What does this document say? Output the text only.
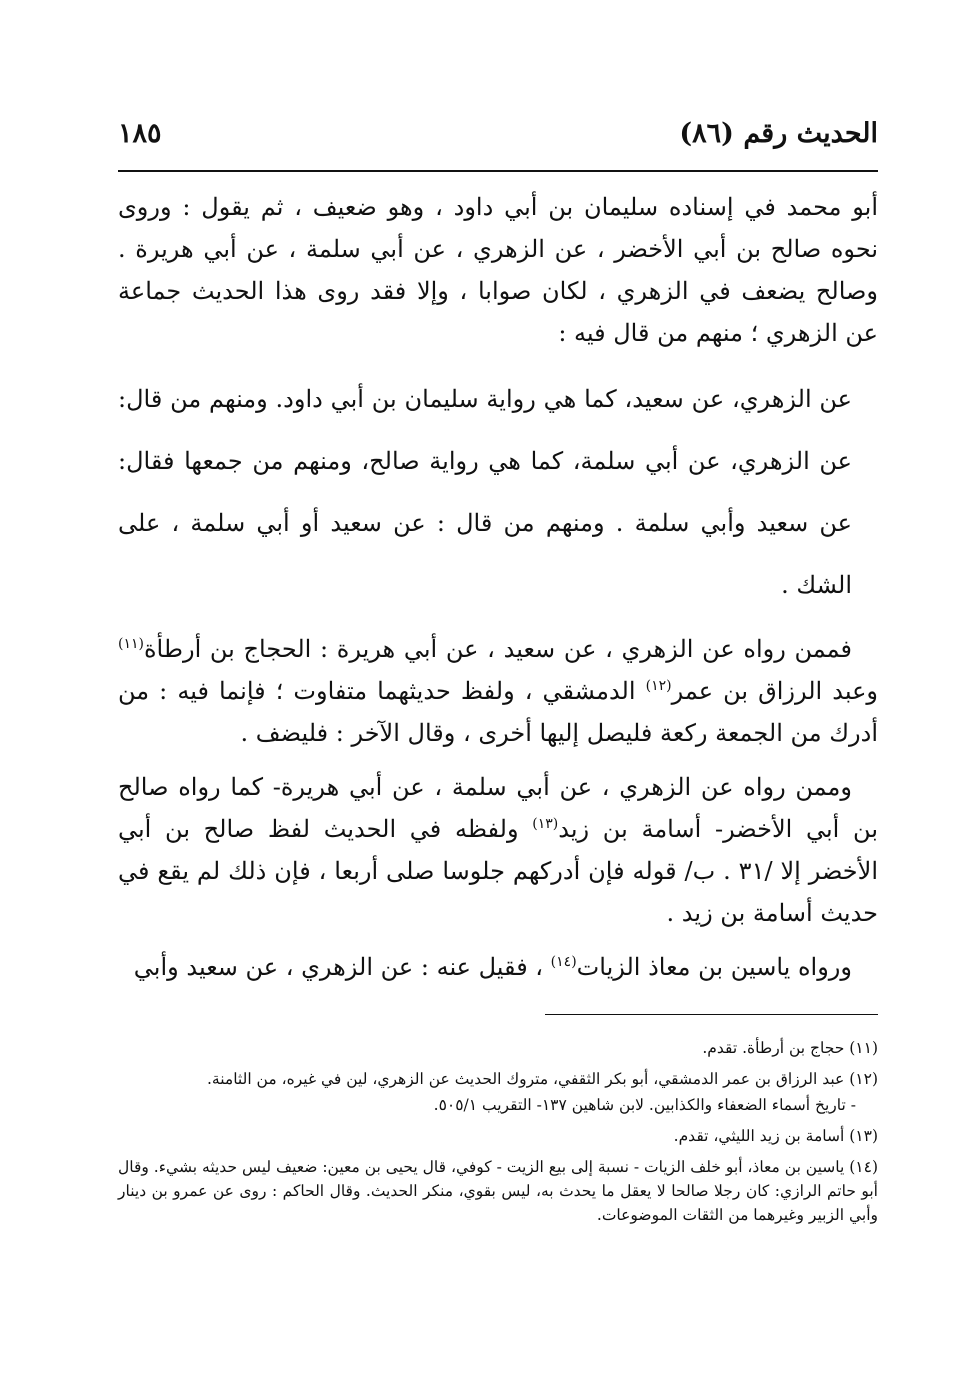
الحديث رقم (٨٦)
١٨٥

أبو محمد في إسناده سليمان بن أبي داود ، وهو ضعيف ، ثم يقول : وروى نحوه صالح بن أبي الأخضر ، عن الزهري ، عن أبي سلمة ، عن أبي هريرة . وصالح يضعف في الزهري ، لكان صوابا ، وإلا فقد روى هذا الحديث جماعة عن الزهري ؛ منهم من قال فيه :

عن الزهري، عن سعيد، كما هي رواية سليمان بن أبي داود. ومنهم من قال: عن الزهري، عن أبي سلمة، كما هي رواية صالح، ومنهم من جمعها فقال: عن سعيد وأبي سلمة . ومنهم من قال : عن سعيد أو أبي سلمة ، على الشك .

فممن رواه عن الزهري ، عن سعيد ، عن أبي هريرة : الحجاج بن أرطأة$^{(١١)}$ وعبد الرزاق بن عمر$^{(١٢)}$ الدمشقي ، ولفظ حديثهما متفاوت ؛ فإنما فيه : من أدرك من الجمعة ركعة فليصل إليها أخرى ، وقال الآخر : فليضف .

وممن رواه عن الزهري ، عن أبي سلمة ، عن أبي هريرة- كما رواه صالح بن أبي الأخضر- أسامة بن زيد$^{(١٣)}$ ولفظه في الحديث لفظ صالح بن أبي الأخضر إلا /٣١ . ب/ قوله فإن أدركهم جلوسا صلى أربعا ، فإن ذلك لم يقع في حديث أسامة بن زيد .

ورواه ياسين بن معاذ الزيات$^{(١٤)}$ ، فقيل عنه : عن الزهري ، عن سعيد وأبي

(١١) حجاج بن أرطأة. تقدم.

(١٢) عبد الرزاق بن عمر الدمشقي، أبو بكر الثقفي، متروك الحديث عن الزهري، لين في غيره، من الثامنة.

- تاريخ أسماء الضعفاء والكذابين. لابن شاهين ١٣٧- التقريب ٥٠٥/١.

(١٣) أسامة بن زيد الليثي، تقدم.

(١٤) ياسين بن معاذ، أبو خلف الزيات - نسبة إلى بيع الزيت - كوفي، قال يحيى بن معين: ضعيف ليس حديثه بشيء. وقال أبو حاتم الرازي: كان رجلا صالحا لا يعقل ما يحدث به، ليس بقوي، منكر الحديث. وقال الحاكم : روى عن عمرو بن دينار وأبي الزبير وغيرهما من الثقات الموضوعات.
